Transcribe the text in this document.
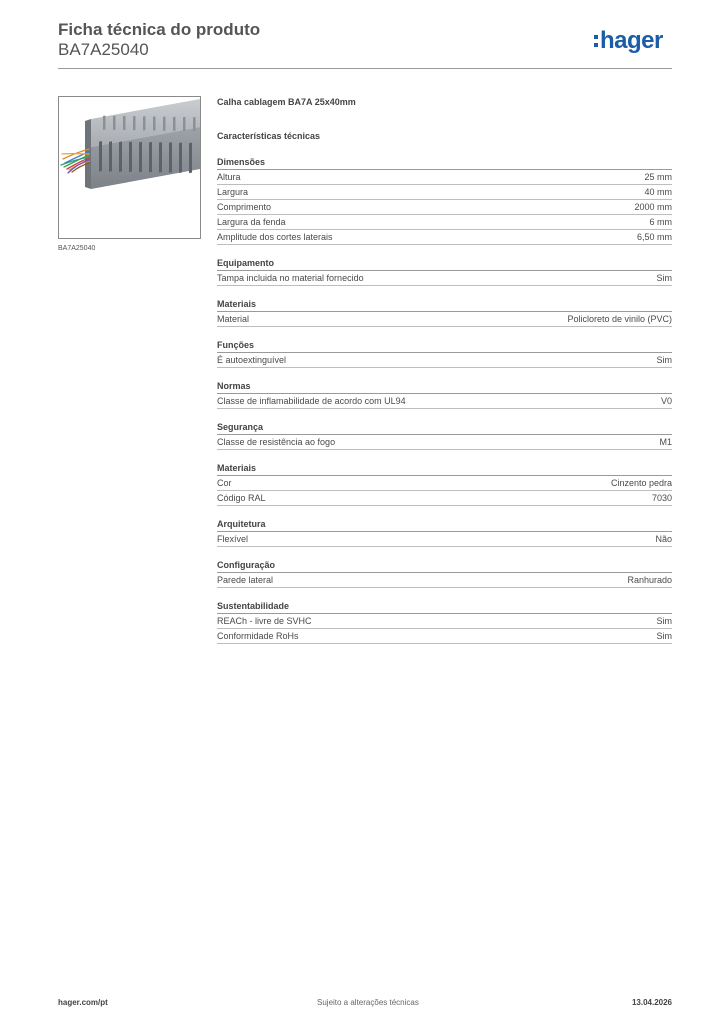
Ficha técnica do produto
BA7A25040	hager
BA7A25040
Calha cablagem BA7A 25x40mm
Características técnicas
Dimensões
Altura	25 mm
Largura	40 mm
Comprimento	2000 mm
Largura da fenda	6 mm
Amplitude dos cortes laterais	6,50 mm
Equipamento
Tampa incluida no material fornecido	Sim
Materiais
Material	Policloreto de vinilo (PVC)
Funções
É autoextinguível	Sim
Normas
Classe de inflamabilidade de acordo com UL94	V0
Segurança
Classe de resistência ao fogo	M1
Materiais
Cor	Cinzento pedra
Código RAL	7030
Arquitetura
Flexível	Não
Configuração
Parede lateral	Ranhurado
Sustentabilidade
REACh - livre de SVHC	Sim
Conformidade RoHs	Sim
hager.com/pt	Sujeito a alterações técnicas	13.04.2026
